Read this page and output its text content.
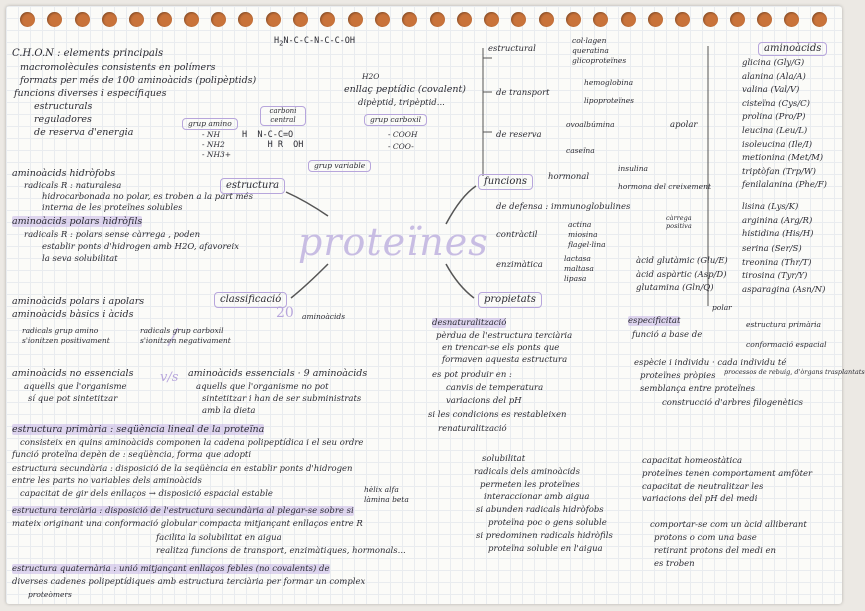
C.H.O.N : elements principals
macromolècules consistents en polímers
formats per més de 100 aminoàcids (polipèptids)
funcions diverses i específiques
estructurals
reguladores
de reserva d'energia
$H_2N-C-C-N-C-C-OH$
H2O
enllaç peptídic (covalent)
dipèptid, tripèptid...
grup amino
carboni central	grup carboxil
grup variable
- NH
- NH2
- NH3+
H  N-C-C=O
H R  OH
- COOH
- COO-
proteïnes
estructura	funcions
classificació	propietats
20 aminoàcids
aminoàcids hidròfobs
radicals R : naturalesa
hidrocarbonada no polar, es troben a la part més
interna de les proteïnes solubles
aminoàcids polars hidròfils
radicals R : polars sense càrrega , poden
establir ponts d'hidrogen amb H2O, afavoreix
la seva solubilitat
aminoàcids polars i apolars
aminoàcids bàsics i àcids
radicals grup amino
s'ionitzen positivament
radicals grup carboxil
s'ionitzen negativament
aminoàcids no essencials
aquells que l'organisme
sí que pot sintetitzar
v/s aminoàcids essencials · 9 aminoàcids
aquells que l'organisme no pot
sintetitzar i han de ser subministrats
amb la dieta
estructura primària : seqüència lineal de la proteïna
consisteix en quins aminoàcids componen la cadena polipeptídica i el seu ordre
funció proteïna depèn de : seqüència, forma que adopti
estructura secundària : disposició de la seqüència en establir ponts d'hidrogen
entre les parts no variables dels aminoàcids
capacitat de gir dels enllaços → disposició espacial estable	hèlix alfa
làmina beta
estructura terciària : disposició de l'estructura secundària al plegar-se sobre si
mateix originant una conformació globular compacta mitjançant enllaços entre R
facilita la solubilitat en aigua
realitza funcions de transport, enzimàtiques, hormonals...
estructura quaternària : unió mitjançant enllaços febles (no covalents) de
diverses cadenes polipeptídiques amb estructura terciària per formar un complex
proteòmers
estructural
col·lagen
queratina
glicoproteïnes
de transport
hemoglobina
lipoproteïnes
de reserva
ovoalbúmina
caseïna
hormonal
insulina
hormona del creixement
de defensa : immunoglobulines
contràctil
actina
miosina
flagel·lina
enzimàtica
lactasa
maltasa
lipasa
aminoàcids
apolar
glicina (Gly/G)
alanina (Ala/A)
valina (Val/V)
cisteïna (Cys/C)
prolina (Pro/P)
leucina (Leu/L)
isoleucina (Ile/I)
metionina (Met/M)
triptòfan (Trp/W)
fenilalanina (Phe/F)
càrrega positiva
lisina (Lys/K)
arginina (Arg/R)
histidina (His/H)
àcid glutàmic (Glu/E)
àcid aspàrtic (Asp/D)
glutamina (Gln/Q)
serina (Ser/S)
treonina (Thr/T)
tirosina (Tyr/Y)
asparagina (Asn/N)
polar
desnaturalització
pèrdua de l'estructura terciària
en trencar-se els ponts que
formaven aquesta estructura
es pot produir en :
canvis de temperatura
variacions del pH
si les condicions es restableixen
renaturalització
especificitat
funció a base de
estructura primària
conformació espacial
espècie i individu · cada individu té
proteïnes pròpies processos de rebuig, d'òrgans trasplantats
semblança entre proteïnes
construcció d'arbres filogenètics
solubilitat
radicals dels aminoàcids
permeten les proteïnes
interaccionar amb aigua
si abunden radicals hidròfobs
proteïna poc o gens soluble
si predominen radicals hidròfils
proteïna soluble en l'aigua
capacitat homeostàtica
proteïnes tenen comportament amfòter
capacitat de neutralitzar les
variacions del pH del medi
comportar-se com un àcid alliberant
protons o com una base
retirant protons del medi en
es troben
